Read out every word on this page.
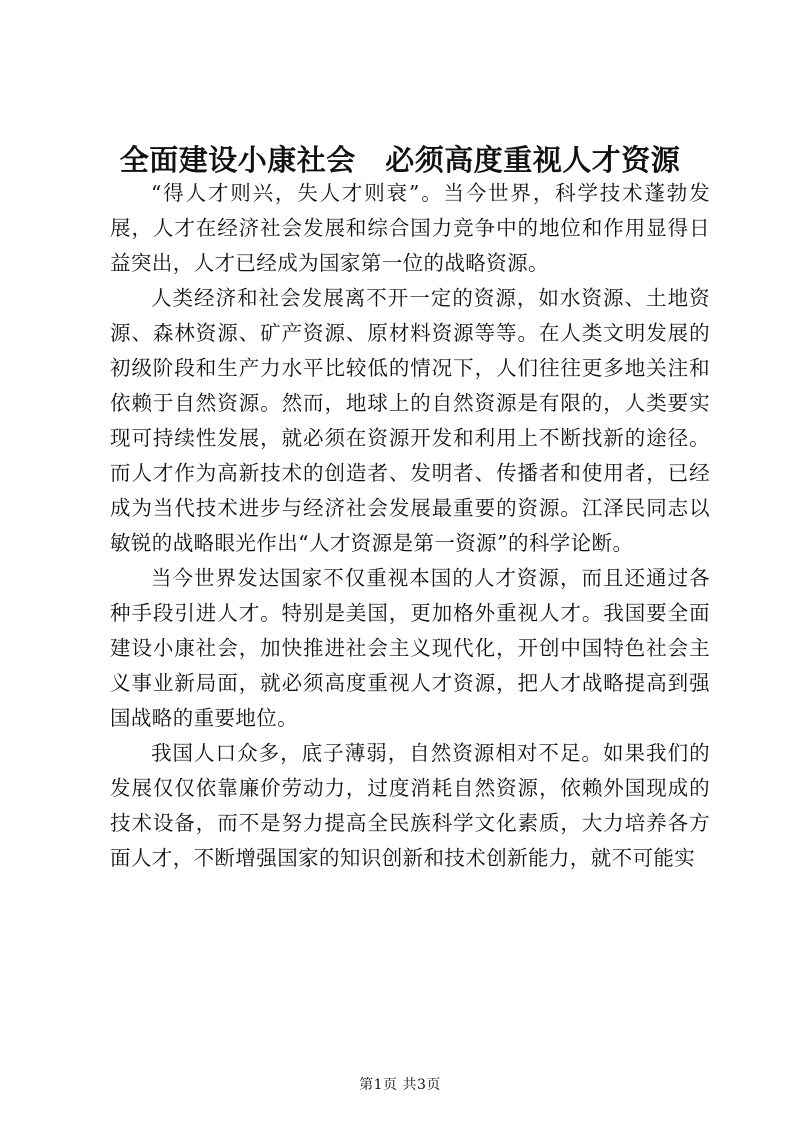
全面建设小康社会　必须高度重视人才资源

“得人才则兴，失人才则衰”。当今世界，科学技术蓬勃发展，人才在经济社会发展和综合国力竞争中的地位和作用显得日益突出，人才已经成为国家第一位的战略资源。

人类经济和社会发展离不开一定的资源，如水资源、土地资源、森林资源、矿产资源、原材料资源等等。在人类文明发展的初级阶段和生产力水平比较低的情况下，人们往往更多地关注和依赖于自然资源。然而，地球上的自然资源是有限的，人类要实现可持续性发展，就必须在资源开发和利用上不断找新的途径。而人才作为高新技术的创造者、发明者、传播者和使用者，已经成为当代技术进步与经济社会发展最重要的资源。江泽民同志以敏锐的战略眼光作出“人才资源是第一资源”的科学论断。

当今世界发达国家不仅重视本国的人才资源，而且还通过各种手段引进人才。特别是美国，更加格外重视人才。我国要全面建设小康社会，加快推进社会主义现代化，开创中国特色社会主义事业新局面，就必须高度重视人才资源，把人才战略提高到强国战略的重要地位。

我国人口众多，底子薄弱，自然资源相对不足。如果我们的发展仅仅依靠廉价劳动力，过度消耗自然资源，依赖外国现成的技术设备，而不是努力提高全民族科学文化素质，大力培养各方面人才，不断增强国家的知识创新和技术创新能力，就不可能实

第1页 共3页
